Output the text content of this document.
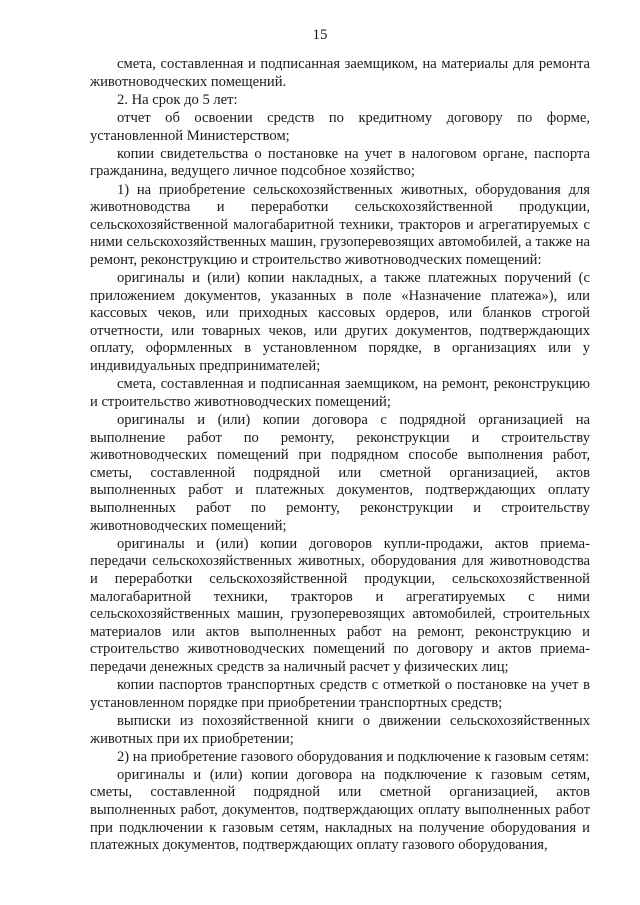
15

смета, составленная и подписанная заемщиком, на материалы для ремонта животноводческих помещений.

2. На срок до 5 лет:

отчет об освоении средств по кредитному договору по форме, установленной Министерством;

копии свидетельства о постановке на учет в налоговом органе, паспорта гражданина, ведущего личное подсобное хозяйство;

1) на приобретение сельскохозяйственных животных, оборудования для животноводства и переработки сельскохозяйственной продукции, сельскохозяйственной малогабаритной техники, тракторов и агрегатируемых с ними сельскохозяйственных машин, грузоперевозящих автомобилей, а также на ремонт, реконструкцию и строительство животноводческих помещений:

оригиналы и (или) копии накладных, а также платежных поручений (с приложением документов, указанных в поле «Назначение платежа»), или кассовых чеков, или приходных кассовых ордеров, или бланков строгой отчетности, или товарных чеков, или других документов, подтверждающих оплату, оформленных в установленном порядке, в организациях или у индивидуальных предпринимателей;

смета, составленная и подписанная заемщиком, на ремонт, реконструкцию и строительство животноводческих помещений;

оригиналы и (или) копии договора с подрядной организацией на выполнение работ по ремонту, реконструкции и строительству животноводческих помещений при подрядном способе выполнения работ, сметы, составленной подрядной или сметной организацией, актов выполненных работ и платежных документов, подтверждающих оплату выполненных работ по ремонту, реконструкции и строительству животноводческих помещений;

оригиналы и (или) копии договоров купли-продажи, актов приема-передачи сельскохозяйственных животных, оборудования для животноводства и переработки сельскохозяйственной продукции, сельскохозяйственной малогабаритной техники, тракторов и агрегатируемых с ними сельскохозяйственных машин, грузоперевозящих автомобилей, строительных материалов или актов выполненных работ на ремонт, реконструкцию и строительство животноводческих помещений по договору и актов приема-передачи денежных средств за наличный расчет у физических лиц;

копии паспортов транспортных средств с отметкой о постановке на учет в установленном порядке при приобретении транспортных средств;

выписки из похозяйственной книги о движении сельскохозяйственных животных при их приобретении;

2) на приобретение газового оборудования и подключение к газовым сетям:

оригиналы и (или) копии договора на подключение к газовым сетям, сметы, составленной подрядной или сметной организацией, актов выполненных работ, документов, подтверждающих оплату выполненных работ при подключении к газовым сетям, накладных на получение оборудования и платежных документов, подтверждающих оплату газового оборудования,
